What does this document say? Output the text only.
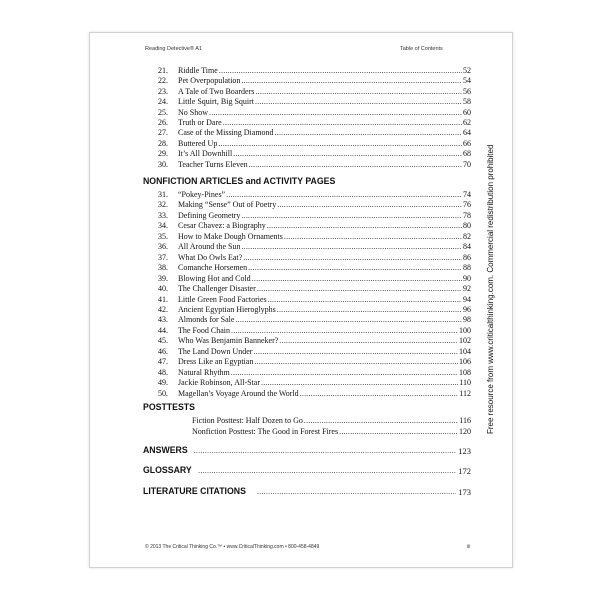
Reading Detective® A1	Table of Contents
21.	Riddle Time .....	52
22.	Pet Overpopulation .....	54
23.	A Tale of Two Boarders .....	56
24.	Little Squirt, Big Squirt .....	58
25.	No Show .....	60
26.	Truth or Dare .....	62
27.	Case of the Missing Diamond .....	64
28.	Buttered Up .....	66
29.	It’s All Downhill .....	68
30.	Teacher Turns Eleven .....	70
NONFICTION ARTICLES and ACTIVITY PAGES
31.	“Pokey-Pines” .....	74
32.	Making “Sense” Out of Poetry .....	76
33.	Defining Geometry .....	78
34.	Cesar Chavez: a Biography .....	80
35.	How to Make Dough Ornaments .....	82
36.	All Around the Sun .....	84
37.	What Do Owls Eat? .....	86
38.	Comanche Horsemen .....	88
39.	Blowing Hot and Cold .....	90
40.	The Challenger Disaster .....	92
41.	Little Green Food Factories .....	94
42.	Ancient Egyptian Hieroglyphs .....	96
43.	Almonds for Sale .....	98
44.	The Food Chain .....	100
45.	Who Was Benjamin Banneker? .....	102
46.	The Land Down Under .....	104
47.	Dress Like an Egyptian .....	106
48.	Natural Rhythm .....	108
49.	Jackie Robinson, All-Star .....	110
50.	Magellan’s Voyage Around the World .....	112
POSTTESTS
Fiction Posttest: Half Dozen to Go .....	116
Nonfiction Posttest: The Good in Forest Fires .....	120
ANSWERS .....	123
GLOSSARY .....	172
LITERATURE CITATIONS .....	173
© 2013 The Critical Thinking Co.™ • www.CriticalThinking.com • 800-458-4849	iii
Free resource from www.criticalthinking.com. Commercial redistribution prohibited
